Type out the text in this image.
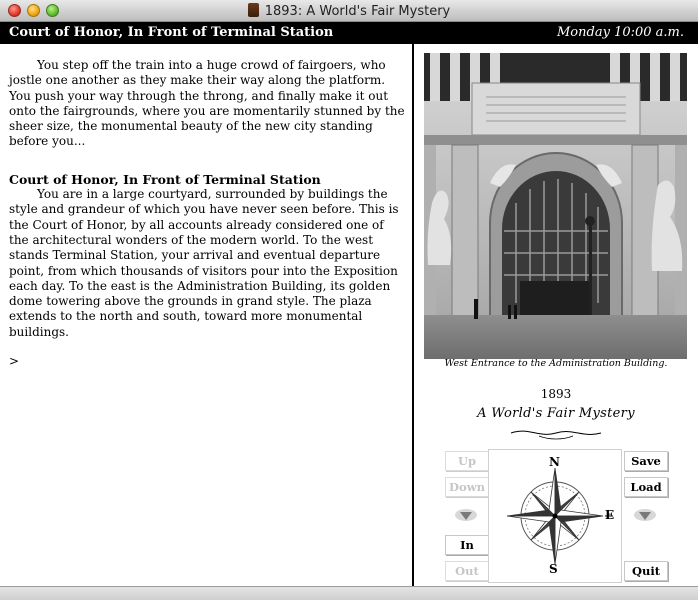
1893: A World's Fair Mystery
Court of Honor, In Front of Terminal Station	Monday 10:00 a.m.

You step off the train into a huge crowd of fairgoers, who jostle one another as they make their way along the platform. You push your way through the throng, and finally make it out onto the fairgrounds, where you are momentarily stunned by the sheer size, the monumental beauty of the new city standing before you...

Court of Honor, In Front of Terminal Station

You are in a large courtyard, surrounded by buildings the style and grandeur of which you have never seen before. This is the Court of Honor, by all accounts already considered one of the architectural wonders of the modern world. To the west stands Terminal Station, your arrival and eventual departure point, from which thousands of visitors pour into the Exposition each day. To the east is the Administration Building, its golden dome towering above the grounds in grand style. The plaza extends to the north and south, toward more monumental buildings.

>	West Entrance to the Administration Building.
1893
A World's Fair Mystery
Up
Down
In
Out
Save
Load
Quit
N
S
E
